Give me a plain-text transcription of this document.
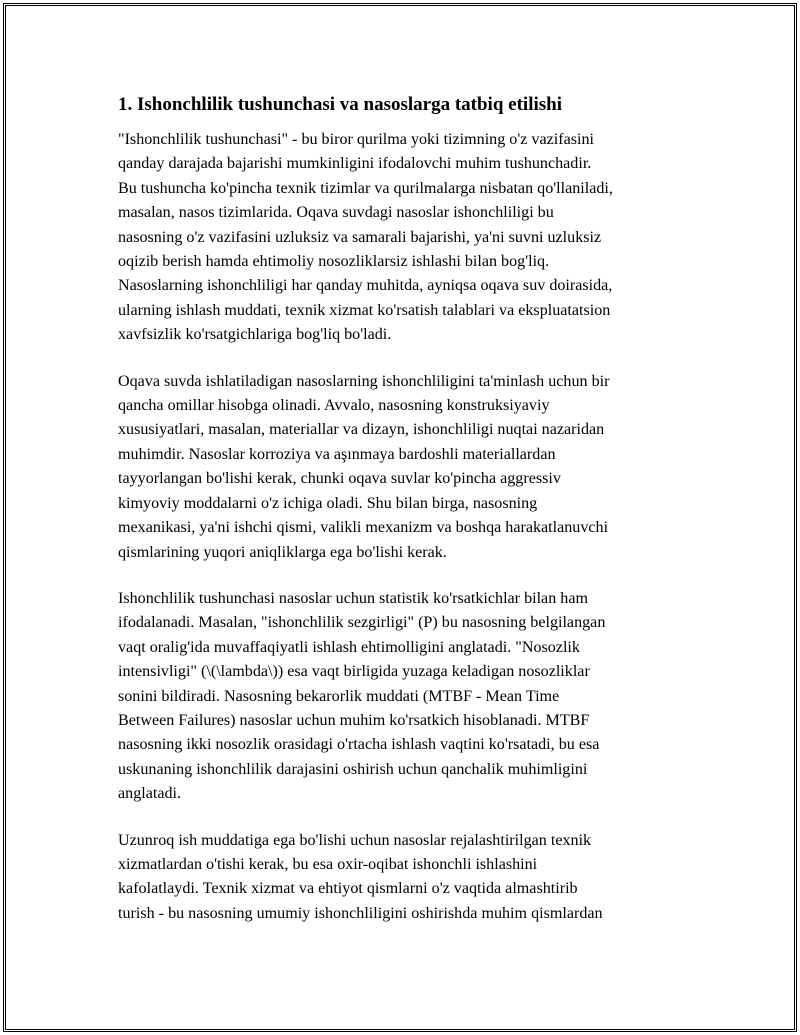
1. Ishonchlilik tushunchasi va nasoslarga tatbiq etilishi

"Ishonchlilik tushunchasi" - bu biror qurilma yoki tizimning o'z vazifasini
qanday darajada bajarishi mumkinligini ifodalovchi muhim tushunchadir.
Bu tushuncha ko'pincha texnik tizimlar va qurilmalarga nisbatan qo'llaniladi,
masalan, nasos tizimlarida. Oqava suvdagi nasoslar ishonchliligi bu
nasosning o'z vazifasini uzluksiz va samarali bajarishi, ya'ni suvni uzluksiz
oqizib berish hamda ehtimoliy nosozliklarsiz ishlashi bilan bog'liq.
Nasoslarning ishonchliligi har qanday muhitda, ayniqsa oqava suv doirasida,
ularning ishlash muddati, texnik xizmat ko'rsatish talablari va ekspluatatsion
xavfsizlik ko'rsatgichlariga bog'liq bo'ladi.

Oqava suvda ishlatiladigan nasoslarning ishonchliligini ta'minlash uchun bir
qancha omillar hisobga olinadi. Avvalo, nasosning konstruksiyaviy
xususiyatlari, masalan, materiallar va dizayn, ishonchliligi nuqtai nazaridan
muhimdir. Nasoslar korroziya va aşınmaya bardoshli materiallardan
tayyorlangan bo'lishi kerak, chunki oqava suvlar ko'pincha aggressiv
kimyoviy moddalarni o'z ichiga oladi. Shu bilan birga, nasosning
mexanikasi, ya'ni ishchi qismi, valikli mexanizm va boshqa harakatlanuvchi
qismlarining yuqori aniqliklarga ega bo'lishi kerak.

Ishonchlilik tushunchasi nasoslar uchun statistik ko'rsatkichlar bilan ham
ifodalanadi. Masalan, "ishonchlilik sezgirligi" (P) bu nasosning belgilangan
vaqt oralig'ida muvaffaqiyatli ishlash ehtimolligini anglatadi. "Nosozlik
intensivligi" (\(\lambda\)) esa vaqt birligida yuzaga keladigan nosozliklar
sonini bildiradi. Nasosning bekarorlik muddati (MTBF - Mean Time
Between Failures) nasoslar uchun muhim ko'rsatkich hisoblanadi. MTBF
nasosning ikki nosozlik orasidagi o'rtacha ishlash vaqtini ko'rsatadi, bu esa
uskunaning ishonchlilik darajasini oshirish uchun qanchalik muhimligini
anglatadi.

Uzunroq ish muddatiga ega bo'lishi uchun nasoslar rejalashtirilgan texnik
xizmatlardan o'tishi kerak, bu esa oxir-oqibat ishonchli ishlashini
kafolatlaydi. Texnik xizmat va ehtiyot qismlarni o'z vaqtida almashtirib
turish - bu nasosning umumiy ishonchliligini oshirishda muhim qismlardan
